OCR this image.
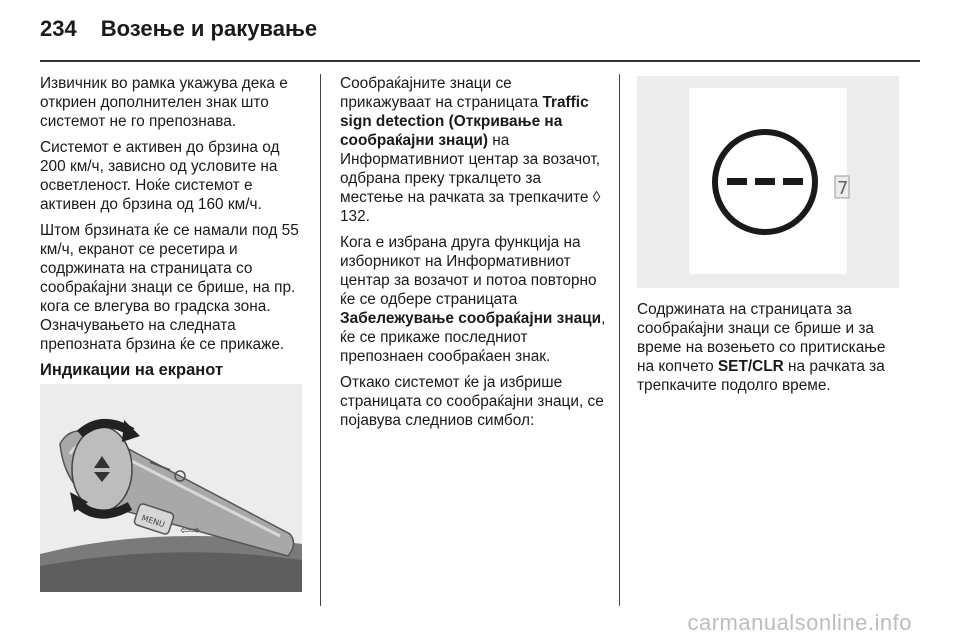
234 Возење и ракување

Извичник во рамка укажува дека е откриен дополнителен знак што системот не го препознава.

Системот е активен до брзина од 200 км/ч, зависно од условите на осветленост. Ноќе системот е активен до брзина од 160 км/ч.

Штом брзината ќе се намали под 55 км/ч, екранот се ресетира и содржината на страницата со сообраќајни знаци се брише, на пр. кога се влегува во градска зона. Означувањето на следната препозната брзина ќе се прикаже.

Индикации на екранот

MENU
⇦⇨

Сообраќајните знаци се прикажуваат на страницата Traffic sign detection (Откривање на сообраќајни знаци) на Информативниот центар за возачот, одбрана преку тркалцето за местење на рачката за трепкачите ◊ 132.

Кога е избрана друга функција на изборникот на Информативниот центар за возачот и потоа повторно ќе се одбере страницата Забележување сообраќајни знаци, ќе се прикаже последниот препознаен сообраќаен знак.

Откако системот ќе ја избрише страницата со сообраќајни знаци, се појавува следниов симбол:

7

Содржината на страницата за сообраќајни знаци се брише и за време на возењето со притискање на копчето SET/CLR на рачката за трепкачите подолго време.

carmanualsonline.info
